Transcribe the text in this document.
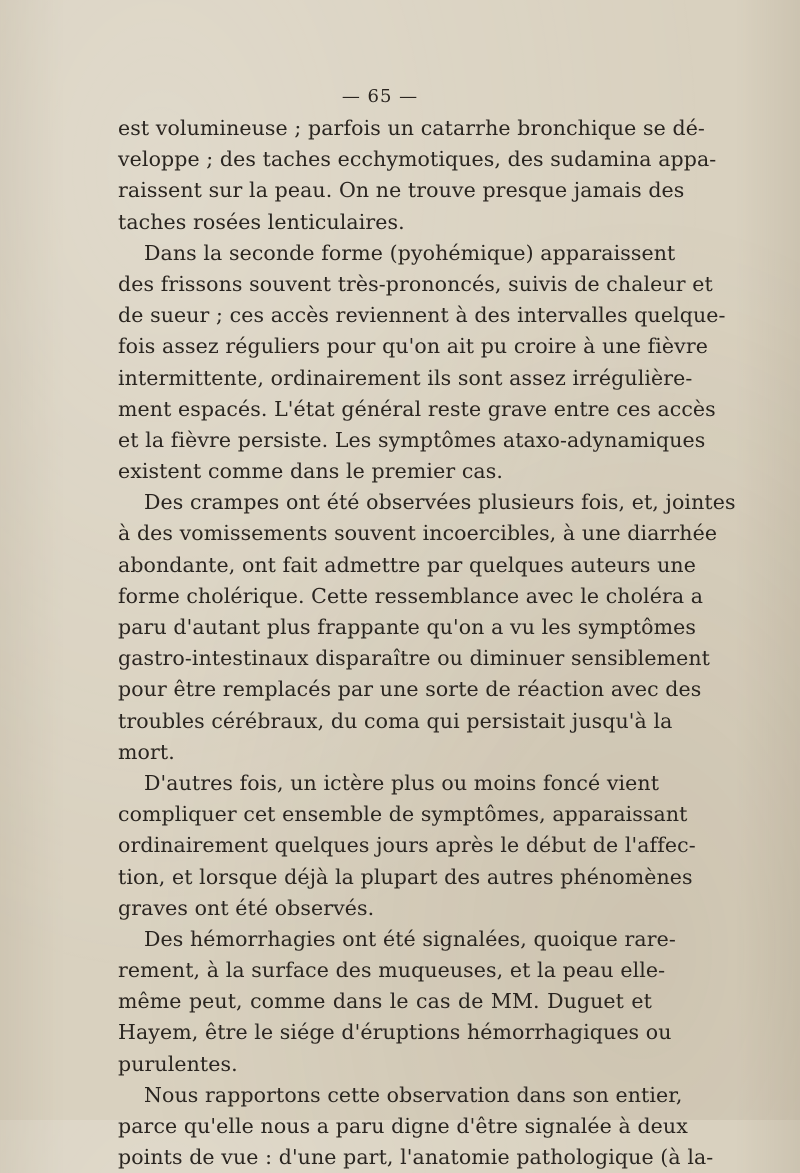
— 65 —
est volumineuse ; parfois un catarrhe bronchique se dé-
veloppe ; des taches ecchymotiques, des sudamina appa-
raissent sur la peau. On ne trouve presque jamais des
taches rosées lenticulaires.
Dans la seconde forme (pyohémique) apparaissent
des frissons souvent très-prononcés, suivis de chaleur et
de sueur ; ces accès reviennent à des intervalles quelque-
fois assez réguliers pour qu'on ait pu croire à une fièvre
intermittente, ordinairement ils sont assez irrégulière-
ment espacés. L'état général reste grave entre ces accès
et la fièvre persiste. Les symptômes ataxo-adynamiques
existent comme dans le premier cas.
Des crampes ont été observées plusieurs fois, et, jointes
à des vomissements souvent incoercibles, à une diarrhée
abondante, ont fait admettre par quelques auteurs une
forme cholérique. Cette ressemblance avec le choléra a
paru d'autant plus frappante qu'on a vu les symptômes
gastro-intestinaux disparaître ou diminuer sensiblement
pour être remplacés par une sorte de réaction avec des
troubles cérébraux, du coma qui persistait jusqu'à la
mort.
D'autres fois, un ictère plus ou moins foncé vient
compliquer cet ensemble de symptômes, apparaissant
ordinairement quelques jours après le début de l'affec-
tion, et lorsque déjà la plupart des autres phénomènes
graves ont été observés.
Des hémorrhagies ont été signalées, quoique rare-
rement, à la surface des muqueuses, et la peau elle-
même peut, comme dans le cas de MM. Duguet et
Hayem, être le siége d'éruptions hémorrhagiques ou
purulentes.
Nous rapportons cette observation dans son entier,
parce qu'elle nous a paru digne d'être signalée à deux
points de vue : d'une part, l'anatomie pathologique (à la-
